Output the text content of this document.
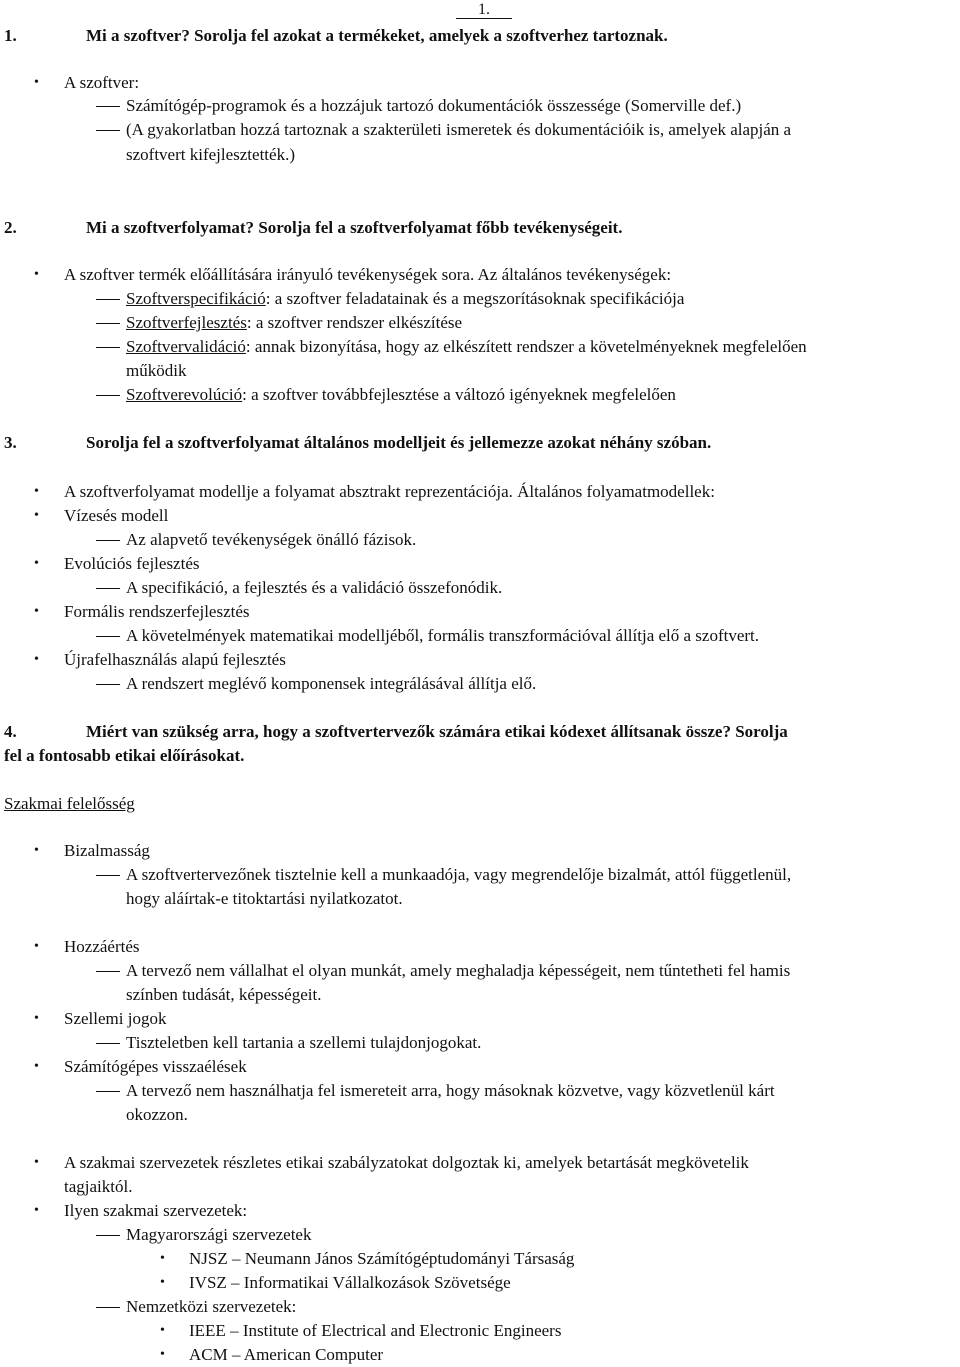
1.
1.	Mi a szoftver? Sorolja fel azokat a termékeket, amelyek a szoftverhez tartoznak.
• A szoftver:
Számítógép-programok és a hozzájuk tartozó dokumentációk összessége (Somerville def.)
(A gyakorlatban hozzá tartoznak a szakterületi ismeretek és dokumentációik is, amelyek alapján a
szoftvert kifejlesztették.)
2.	Mi a szoftverfolyamat? Sorolja fel a szoftverfolyamat főbb tevékenységeit.
• A szoftver termék előállítására irányuló tevékenységek sora. Az általános tevékenységek:
Szoftverspecifikáció: a szoftver feladatainak és a megszorításoknak specifikációja
Szoftverfejlesztés: a szoftver rendszer elkészítése
Szoftvervalidáció: annak bizonyítása, hogy az elkészített rendszer a követelményeknek megfelelően
működik
Szoftverevolúció: a szoftver továbbfejlesztése a változó igényeknek megfelelően
3.	Sorolja fel a szoftverfolyamat általános modelljeit és jellemezze azokat néhány szóban.
• A szoftverfolyamat modellje a folyamat absztrakt reprezentációja. Általános folyamatmodellek:
• Vízesés modell
Az alapvető tevékenységek önálló fázisok.
• Evolúciós fejlesztés
A specifikáció, a fejlesztés és a validáció összefonódik.
• Formális rendszerfejlesztés
A követelmények matematikai modelljéből, formális transzformációval állítja elő a szoftvert.
• Újrafelhasználás alapú fejlesztés
A rendszert meglévő komponensek integrálásával állítja elő.
4.	Miért van szükség arra, hogy a szoftvertervezők számára etikai kódexet állítsanak össze? Sorolja
fel a fontosabb etikai előírásokat.
Szakmai felelősség
• Bizalmasság
A szoftvertervezőnek tisztelnie kell a munkaadója, vagy megrendelője bizalmát, attól függetlenül,
hogy aláírtak-e titoktartási nyilatkozatot.
• Hozzáértés
A tervező nem vállalhat el olyan munkát, amely meghaladja képességeit, nem tűntetheti fel hamis
színben tudását, képességeit.
• Szellemi jogok
Tiszteletben kell tartania a szellemi tulajdonjogokat.
• Számítógépes visszaélések
A tervező nem használhatja fel ismereteit arra, hogy másoknak közvetve, vagy közvetlenül kárt
okozzon.
• A szakmai szervezetek részletes etikai szabályzatokat dolgoztak ki, amelyek betartását megkövetelik
tagjaiktól.
• Ilyen szakmai szervezetek:
Magyarországi szervezetek
• NJSZ – Neumann János Számítógéptudományi Társaság
• IVSZ – Informatikai Vállalkozások Szövetsége
Nemzetközi szervezetek:
• IEEE – Institute of Electrical and Electronic Engineers
• ACM – American Computer
